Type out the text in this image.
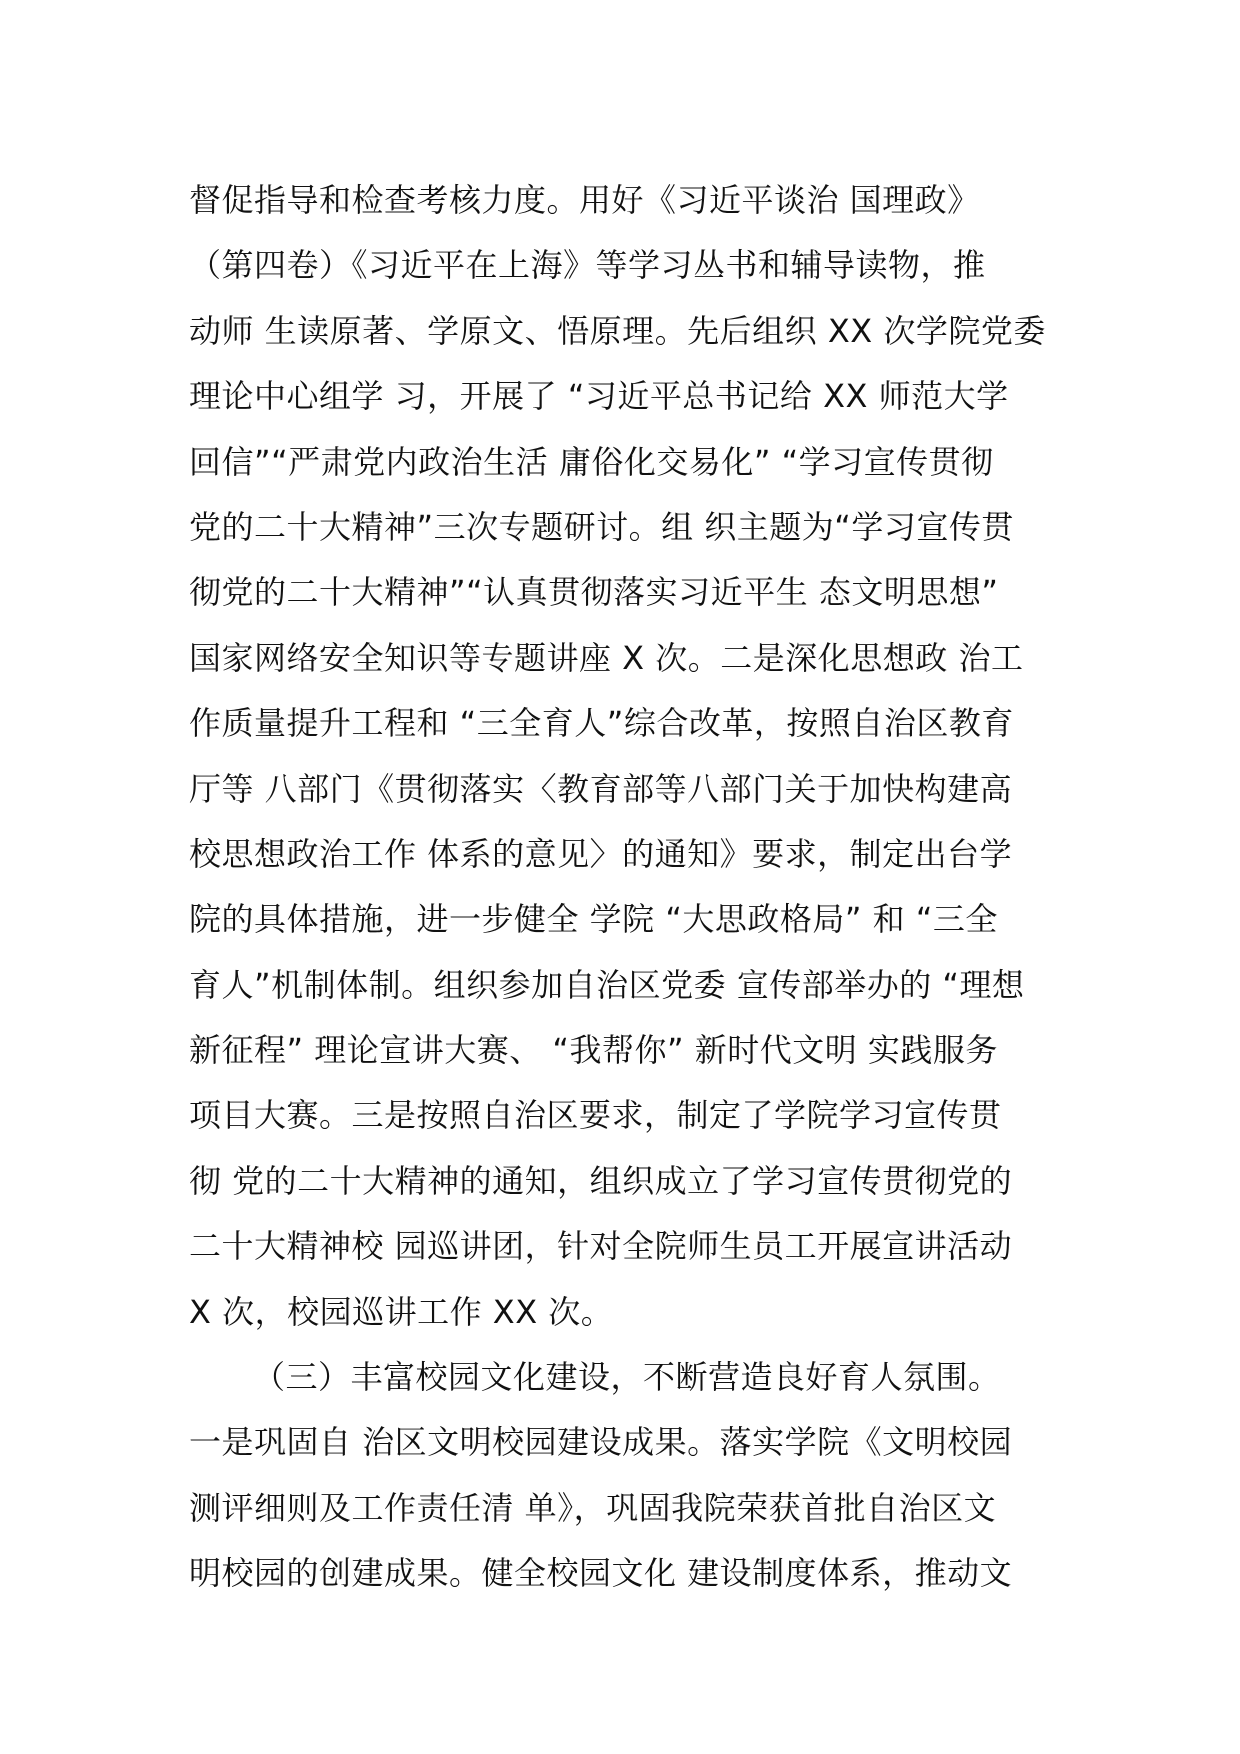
督促指导和检查考核力度。用好《习近平谈治 国理政》
（第四卷）《习近平在上海》等学习丛书和辅导读物，推
动师 生读原著、学原文、悟原理。先后组织 XX 次学院党委
理论中心组学 习，开展了 “习近平总书记给 XX 师范大学
回信”“严肃党内政治生活 庸俗化交易化” “学习宣传贯彻
党的二十大精神”三次专题研讨。组 织主题为“学习宣传贯
彻党的二十大精神”“认真贯彻落实习近平生 态文明思想”
国家网络安全知识等专题讲座 X 次。二是深化思想政 治工
作质量提升工程和 “三全育人”综合改革，按照自治区教育
厅等 八部门《贯彻落实〈教育部等八部门关于加快构建高
校思想政治工作 体系的意见〉的通知》要求，制定出台学
院的具体措施，进一步健全 学院 “大思政格局” 和 “三全
育人”机制体制。组织参加自治区党委 宣传部举办的 “理想
新征程” 理论宣讲大赛、 “我帮你” 新时代文明 实践服务
项目大赛。三是按照自治区要求，制定了学院学习宣传贯
彻 党的二十大精神的通知，组织成立了学习宣传贯彻党的
二十大精神校 园巡讲团，针对全院师生员工开展宣讲活动
X 次，校园巡讲工作 XX 次。
（三）丰富校园文化建设，不断营造良好育人氛围。
一是巩固自 治区文明校园建设成果。落实学院《文明校园
测评细则及工作责任清 单》，巩固我院荣获首批自治区文
明校园的创建成果。健全校园文化 建设制度体系，推动文
